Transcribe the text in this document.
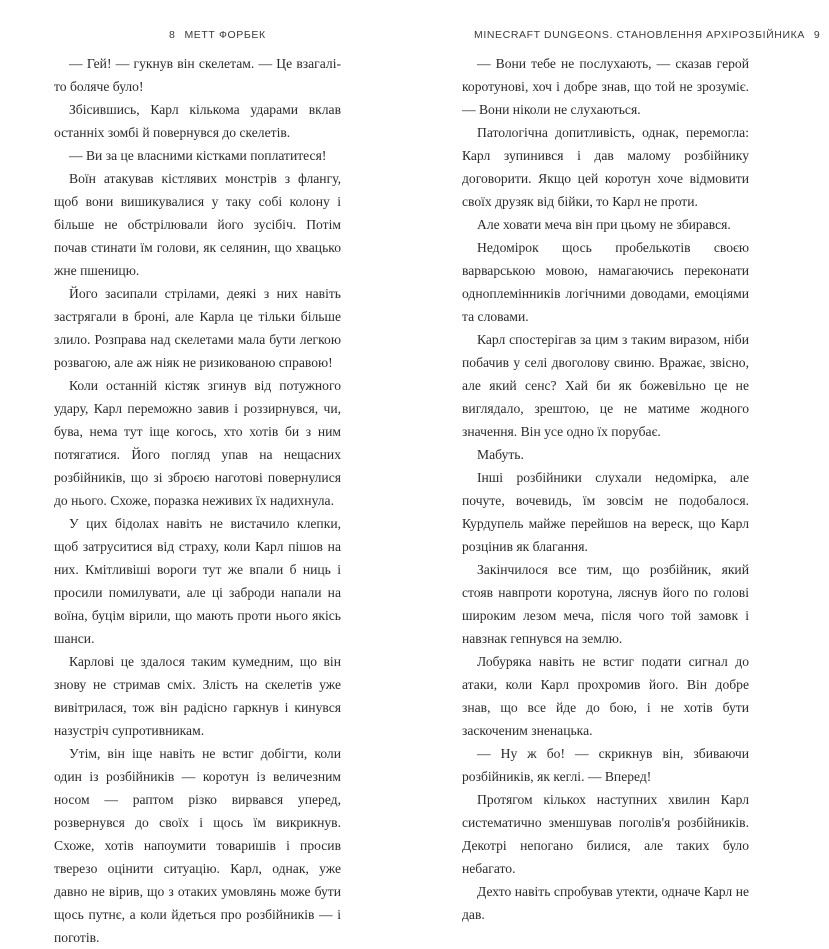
8 МЕТТ ФОРБЕК

— Гей! — гукнув він скелетам. — Це взагалі-то боляче було!

Збісившись, Карл кількома ударами вклав останніх зомбі й повернувся до скелетів.

— Ви за це власними кістками поплатитеся!

Воїн атакував кістлявих монстрів з флангу, щоб вони вишикувалися у таку собі колону і більше не обстрілювали його зусібіч. Потім почав стинати їм голови, як селянин, що хвацько жне пшеницю.

Його засипали стрілами, деякі з них навіть застрягали в броні, але Карла це тільки більше злило. Розправа над скелетами мала бути легкою розвагою, але аж ніяк не ризикованою справою!

Коли останній кістяк згинув від потужного удару, Карл переможно завив і роззирнувся, чи, бува, нема тут іще когось, хто хотів би з ним потягатися. Його погляд упав на нещасних розбійників, що зі зброєю наготові повернулися до нього. Схоже, поразка неживих їх надихнула.

У цих бідолах навіть не вистачило клепки, щоб затруситися від страху, коли Карл пішов на них. Кмітливіші вороги тут же впали б ниць і просили помилувати, але ці заброди напали на воїна, буцім вірили, що мають проти нього якісь шанси.

Карлові це здалося таким кумедним, що він знову не стримав сміх. Злість на скелетів уже вивітрилася, тож він радісно гаркнув і кинувся назустріч супротивникам.

Утім, він іще навіть не встиг добігти, коли один із розбійників — коротун із величезним носом — раптом різко вирвався уперед, розвернувся до своїх і щось їм викрикнув. Схоже, хотів напоумити товаришів і просив тверезо оцінити ситуацію. Карл, однак, уже давно не вірив, що з отаких умовлянь може бути щось путнє, а коли йдеться про розбійників — і поготів.

MINECRAFT DUNGEONS. СТАНОВЛЕННЯ АРХІРОЗБІЙНИКА 9

— Вони тебе не послухають, — сказав герой коротунові, хоч і добре знав, що той не зрозуміє. — Вони ніколи не слухаються.

Патологічна допитливість, однак, перемогла: Карл зупинився і дав малому розбійнику договорити. Якщо цей коротун хоче відмовити своїх друзяк від бійки, то Карл не проти.

Але ховати меча він при цьому не збирався.

Недомірок щось пробелькотів своєю варварською мовою, намагаючись переконати одноплемінників логічними доводами, емоціями та словами.

Карл спостерігав за цим з таким виразом, ніби побачив у селі двоголову свиню. Вражає, звісно, але який сенс? Хай би як божевільно це не виглядало, зрештою, це не матиме жодного значення. Він усе одно їх порубає.

Мабуть.

Інші розбійники слухали недомірка, але почуте, вочевидь, їм зовсім не подобалося. Курдупель майже перейшов на вереск, що Карл розцінив як благання.

Закінчилося все тим, що розбійник, який стояв навпроти коротуна, ляснув його по голові широким лезом меча, після чого той замовк і навзнак гепнувся на землю.

Лобуряка навіть не встиг подати сигнал до атаки, коли Карл прохромив його. Він добре знав, що все йде до бою, і не хотів бути заскоченим зненацька.

— Ну ж бо! — скрикнув він, збиваючи розбійників, як кеглі. — Вперед!

Протягом кількох наступних хвилин Карл систематично зменшував поголів'я розбійників. Декотрі непогано билися, але таких було небагато.

Дехто навіть спробував утекти, одначе Карл не дав.
